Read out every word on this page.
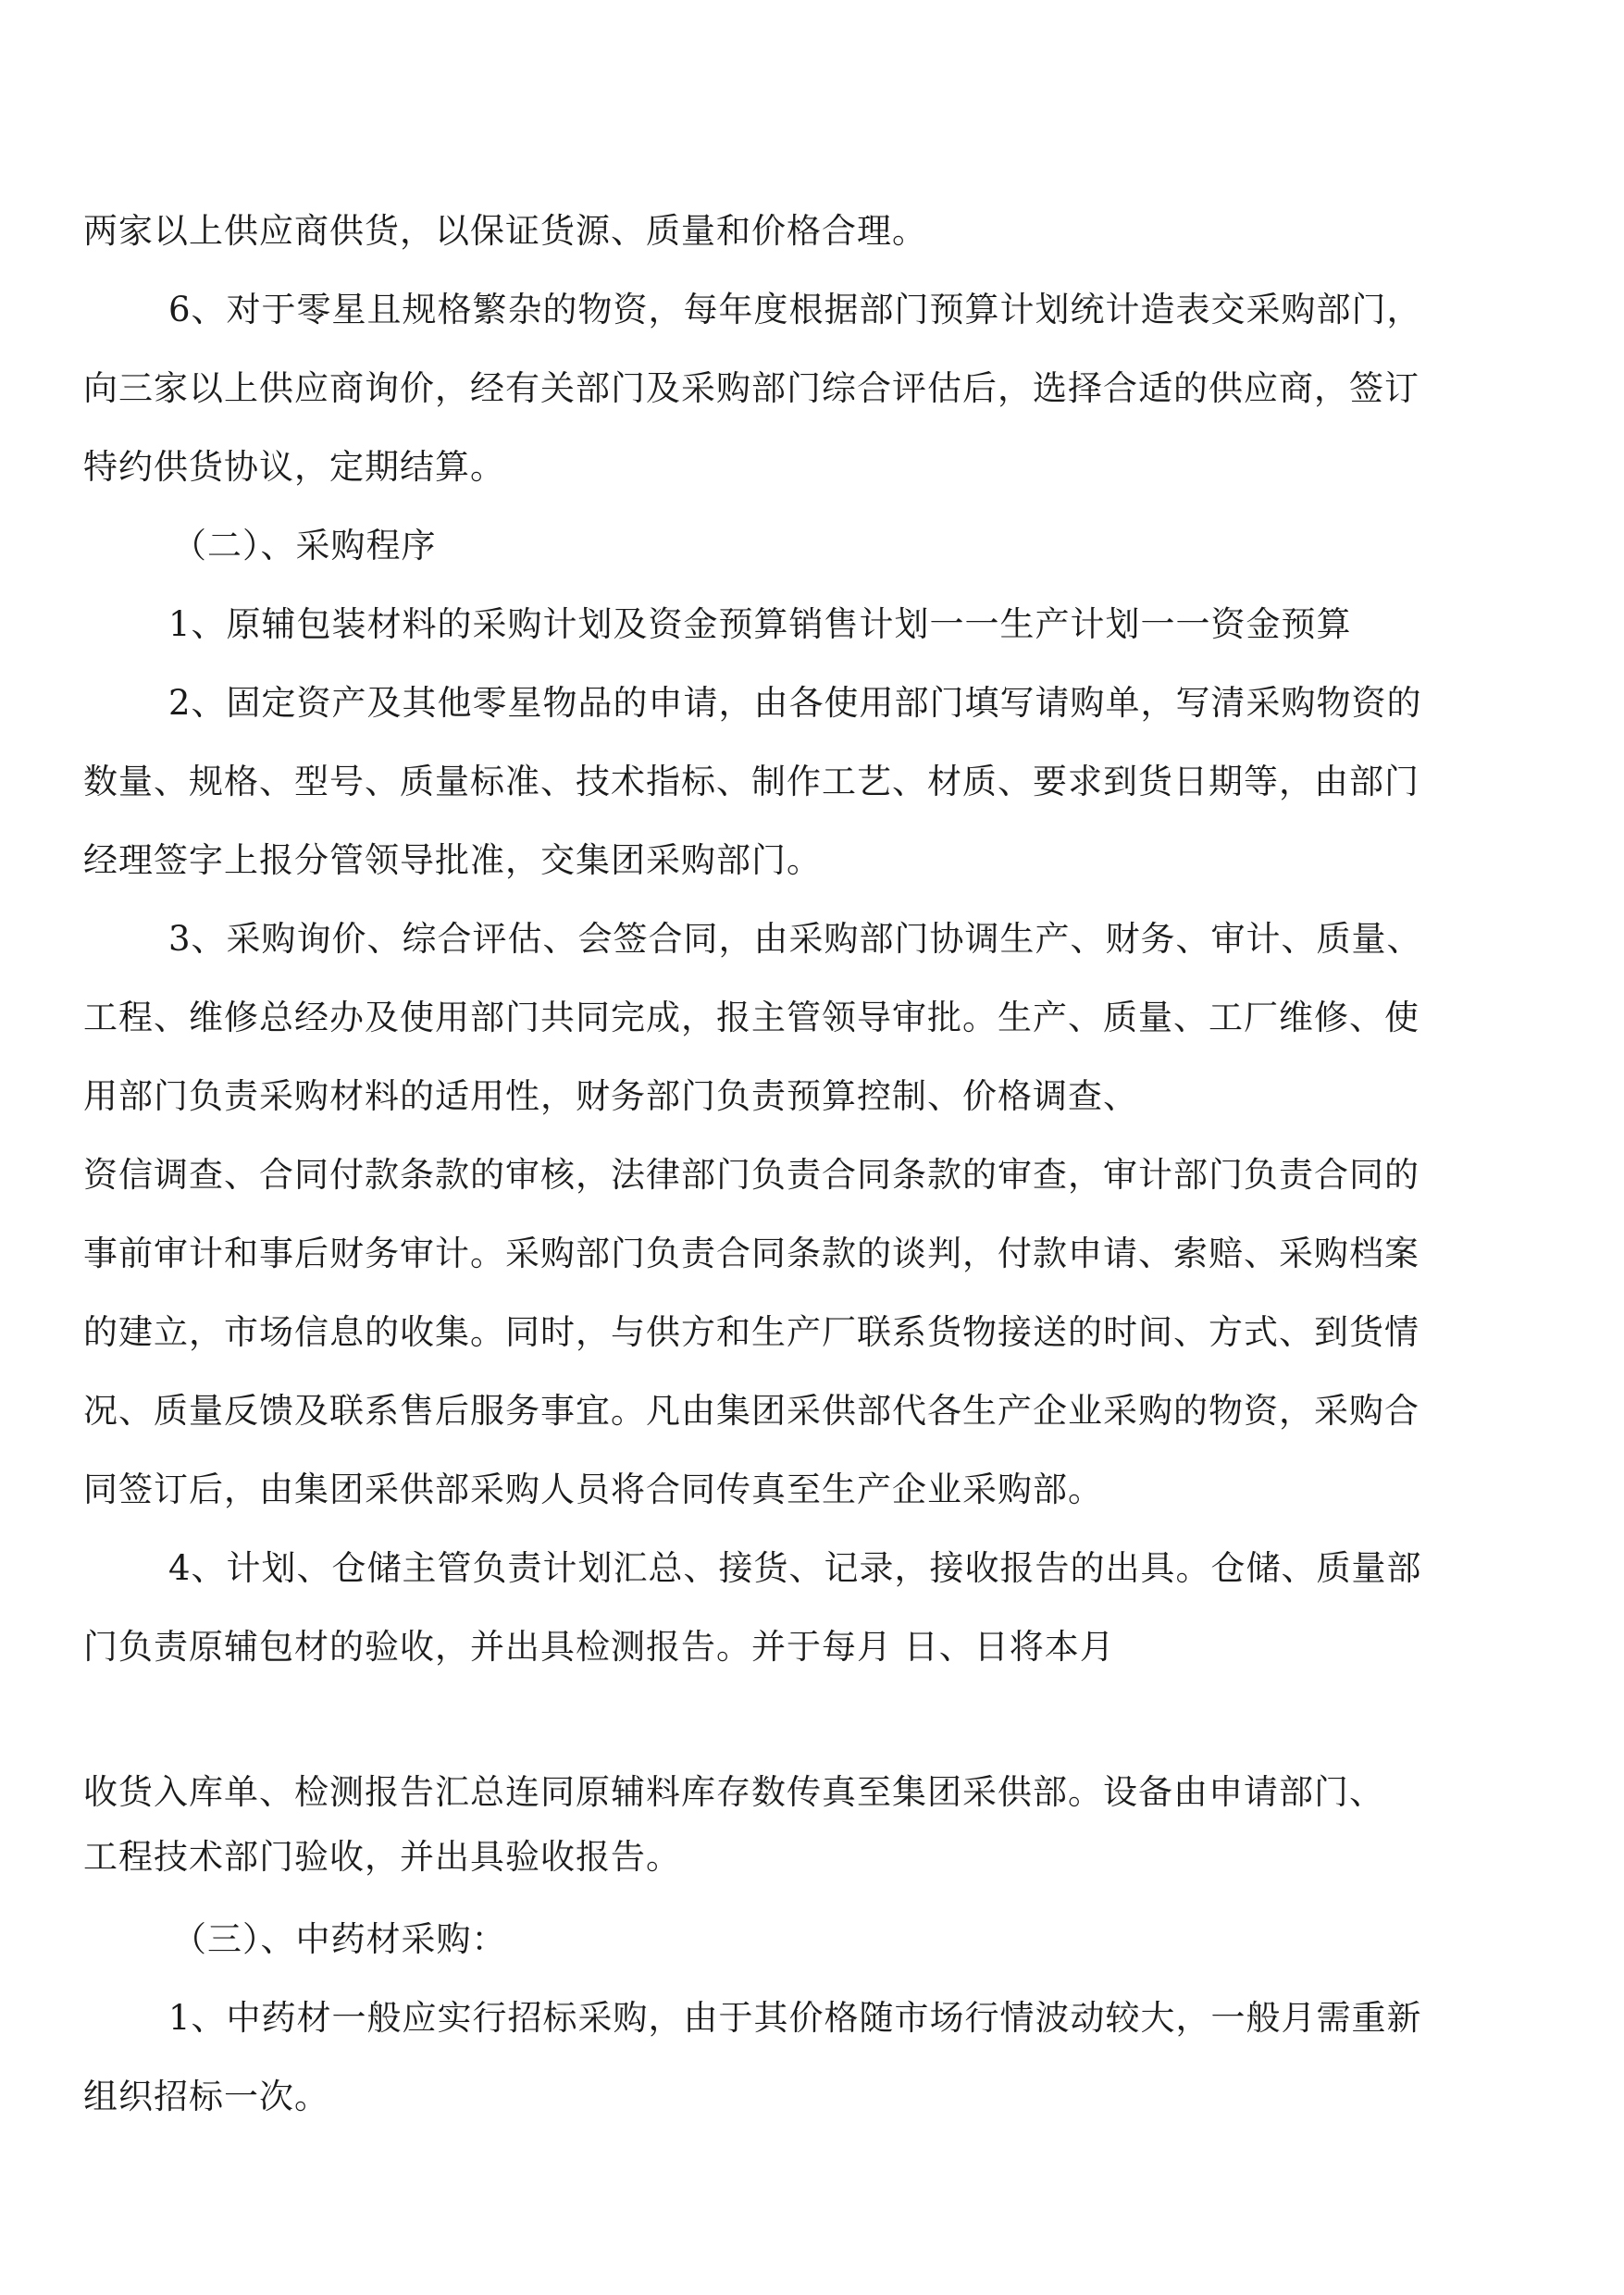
两家以上供应商供货，以保证货源、质量和价格合理。
6、对于零星且规格繁杂的物资，每年度根据部门预算计划统计造表交采购部门，
向三家以上供应商询价，经有关部门及采购部门综合评估后，选择合适的供应商，签订
特约供货协议，定期结算。
（二）、采购程序
1、原辅包装材料的采购计划及资金预算销售计划一一生产计划一一资金预算
2、固定资产及其他零星物品的申请，由各使用部门填写请购单，写清采购物资的
数量、规格、型号、质量标准、技术指标、制作工艺、材质、要求到货日期等，由部门
经理签字上报分管领导批准，交集团采购部门。
3、采购询价、综合评估、会签合同，由采购部门协调生产、财务、审计、质量、
工程、维修总经办及使用部门共同完成，报主管领导审批。生产、质量、工厂维修、使
用部门负责采购材料的适用性，财务部门负责预算控制、价格调查、
资信调查、合同付款条款的审核，法律部门负责合同条款的审查，审计部门负责合同的
事前审计和事后财务审计。采购部门负责合同条款的谈判，付款申请、索赔、采购档案
的建立，市场信息的收集。同时，与供方和生产厂联系货物接送的时间、方式、到货情
况、质量反馈及联系售后服务事宜。凡由集团采供部代各生产企业采购的物资，采购合
同签订后，由集团采供部采购人员将合同传真至生产企业采购部。
4、计划、仓储主管负责计划汇总、接货、记录，接收报告的出具。仓储、质量部
门负责原辅包材的验收，并出具检测报告。并于每月 日、日将本月
收货入库单、检测报告汇总连同原辅料库存数传真至集团采供部。设备由申请部门、
工程技术部门验收，并出具验收报告。
（三）、中药材采购：
1、中药材一般应实行招标采购，由于其价格随市场行情波动较大，一般月需重新
组织招标一次。
